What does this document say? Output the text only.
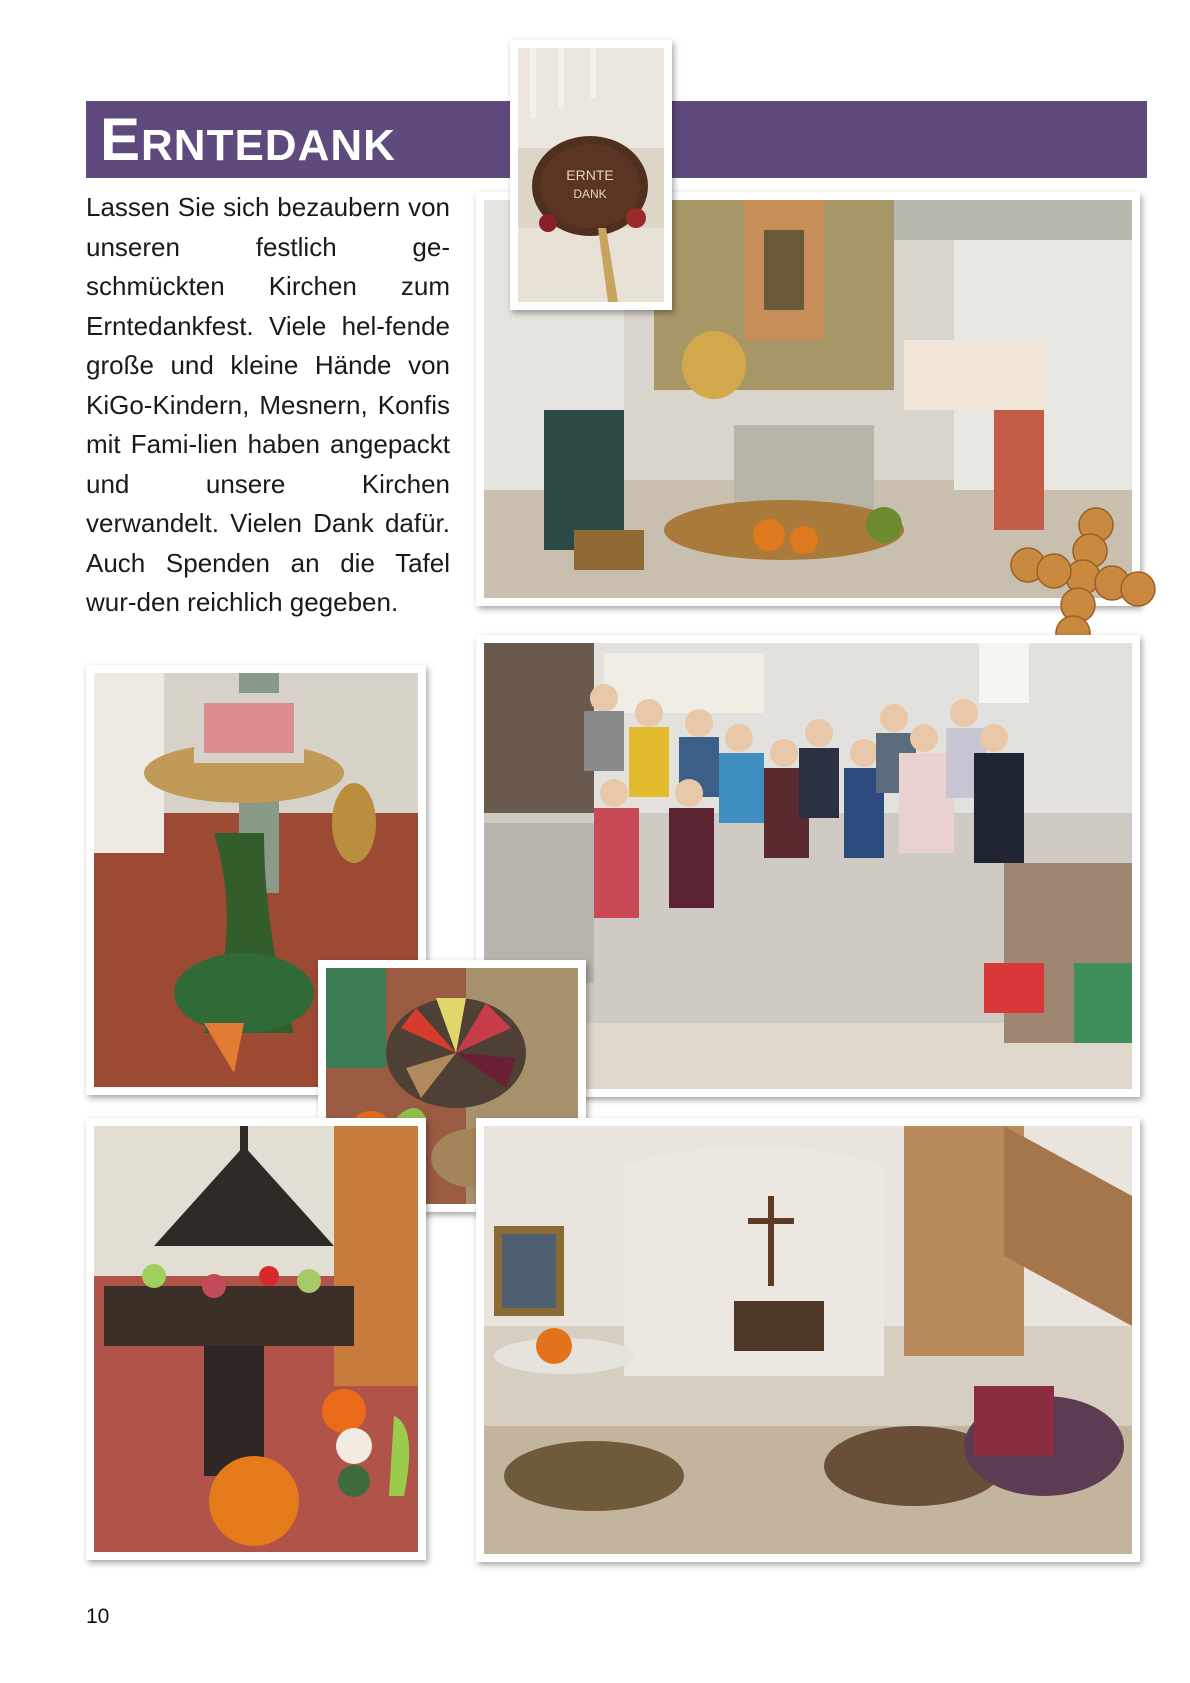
ERNTEDANK

Lassen Sie sich bezaubern von unseren festlich ge-schmückten Kirchen zum Erntedankfest. Viele hel-fende große und kleine Hände von KiGo-Kindern, Mesnern, Konfis mit Fami-lien haben angepackt und unsere Kirchen verwandelt. Vielen Dank dafür. Auch Spenden an die Tafel wur-den reichlich gegeben.

ERNTE
DANK
10
